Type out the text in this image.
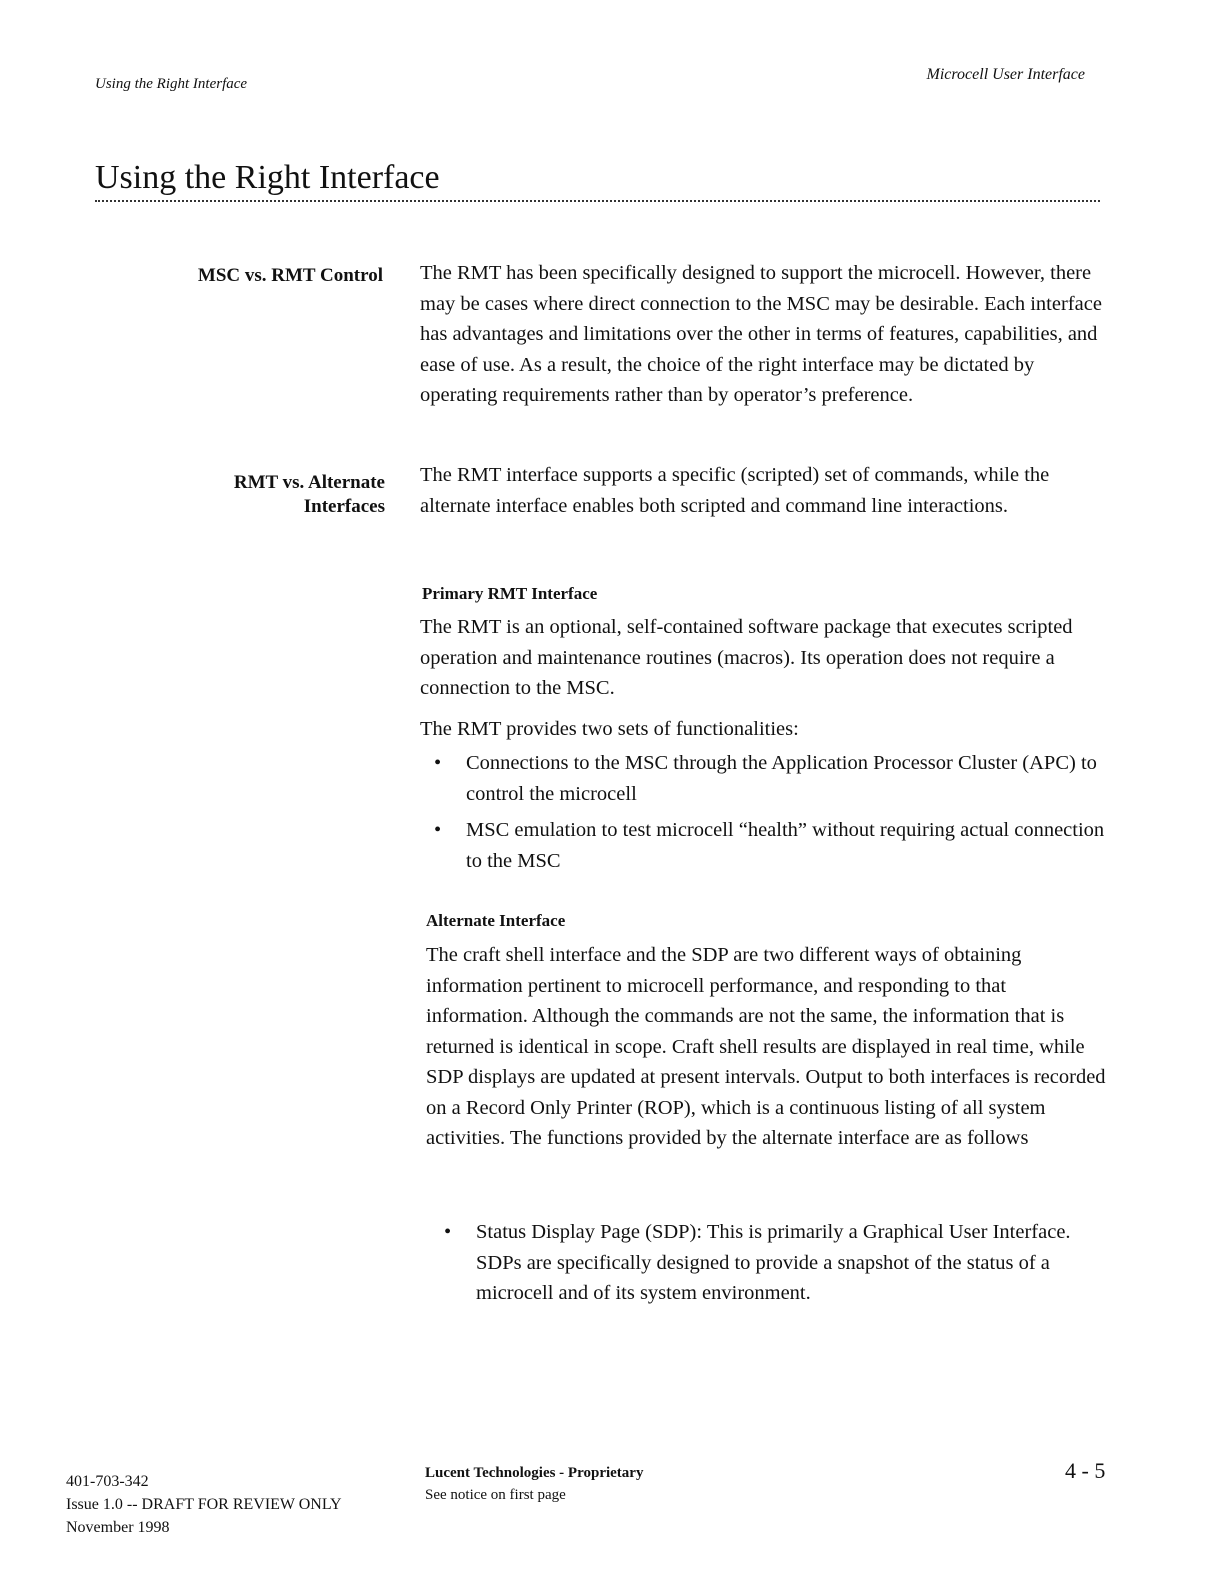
Using the Right Interface
Microcell User Interface
Using the Right Interface
MSC vs. RMT Control The RMT has been specifically designed to support the microcell. However, there may be cases where direct connection to the MSC may be desirable. Each interface has advantages and limitations over the other in terms of features, capabilities, and ease of use. As a result, the choice of the right interface may be dictated by operating requirements rather than by operator’s preference.

RMT vs. Alternate
Interfaces

The RMT interface supports a specific (scripted) set of commands, while the alternate interface enables both scripted and command line interactions.

Primary RMT Interface

The RMT is an optional, self-contained software package that executes scripted operation and maintenance routines (macros). Its operation does not require a connection to the MSC.

The RMT provides two sets of functionalities:

• Connections to the MSC through the Application Processor Cluster (APC) to control the microcell
• MSC emulation to test microcell “health” without requiring actual connection to the MSC
Alternate Interface

The craft shell interface and the SDP are two different ways of obtaining information pertinent to microcell performance, and responding to that information. Although the commands are not the same, the information that is returned is identical in scope. Craft shell results are displayed in real time, while SDP displays are updated at present intervals. Output to both interfaces is recorded on a Record Only Printer (ROP), which is a continuous listing of all system activities. The functions provided by the alternate interface are as follows

• Status Display Page (SDP): This is primarily a Graphical User Interface. SDPs are specifically designed to provide a snapshot of the status of a microcell and of its system environment.
401-703-342
Issue 1.0 -- DRAFT FOR REVIEW ONLY
November 1998
Lucent Technologies - Proprietary
See notice on first page
4 - 5
